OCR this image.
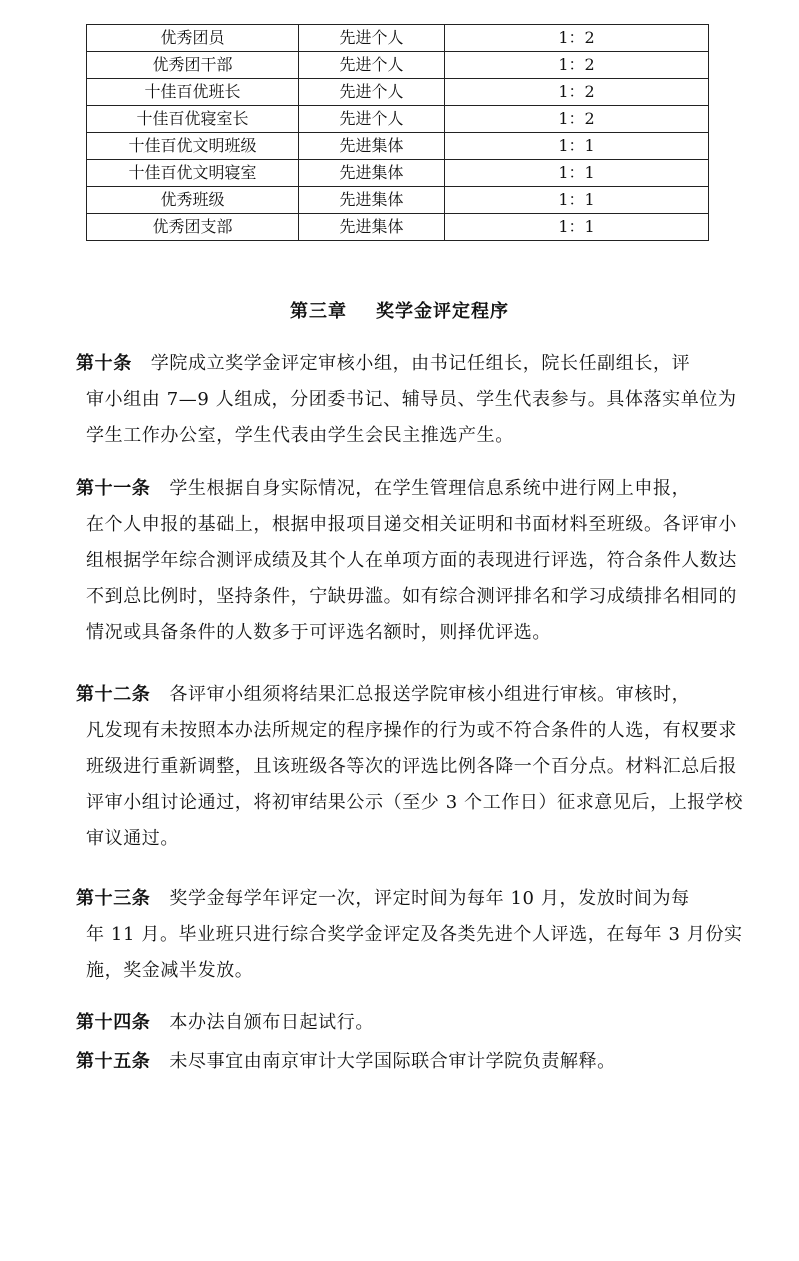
优秀团员	先进个人	1：2
优秀团干部	先进个人	1：2
十佳百优班长	先进个人	1：2
十佳百优寝室长	先进个人	1：2
十佳百优文明班级	先进集体	1：1
十佳百优文明寝室	先进集体	1：1
优秀班级	先进集体	1：1
优秀团支部	先进集体	1：1
第三章    奖学金评定程序
第十条 学院成立奖学金评定审核小组，由书记任组长，院长任副组长，评
审小组由 7—9 人组成，分团委书记、辅导员、学生代表参与。具体落实单位为
学生工作办公室，学生代表由学生会民主推选产生。
第十一条 学生根据自身实际情况，在学生管理信息系统中进行网上申报，
在个人申报的基础上，根据申报项目递交相关证明和书面材料至班级。各评审小
组根据学年综合测评成绩及其个人在单项方面的表现进行评选，符合条件人数达
不到总比例时，坚持条件，宁缺毋滥。如有综合测评排名和学习成绩排名相同的
情况或具备条件的人数多于可评选名额时，则择优评选。
第十二条 各评审小组须将结果汇总报送学院审核小组进行审核。审核时，
凡发现有未按照本办法所规定的程序操作的行为或不符合条件的人选，有权要求
班级进行重新调整，且该班级各等次的评选比例各降一个百分点。材料汇总后报
评审小组讨论通过，将初审结果公示（至少 3 个工作日）征求意见后，上报学校
审议通过。
第十三条 奖学金每学年评定一次，评定时间为每年 10 月，发放时间为每
年 11 月。毕业班只进行综合奖学金评定及各类先进个人评选，在每年 3 月份实
施，奖金减半发放。
第十四条 本办法自颁布日起试行。
第十五条 未尽事宜由南京审计大学国际联合审计学院负责解释。
